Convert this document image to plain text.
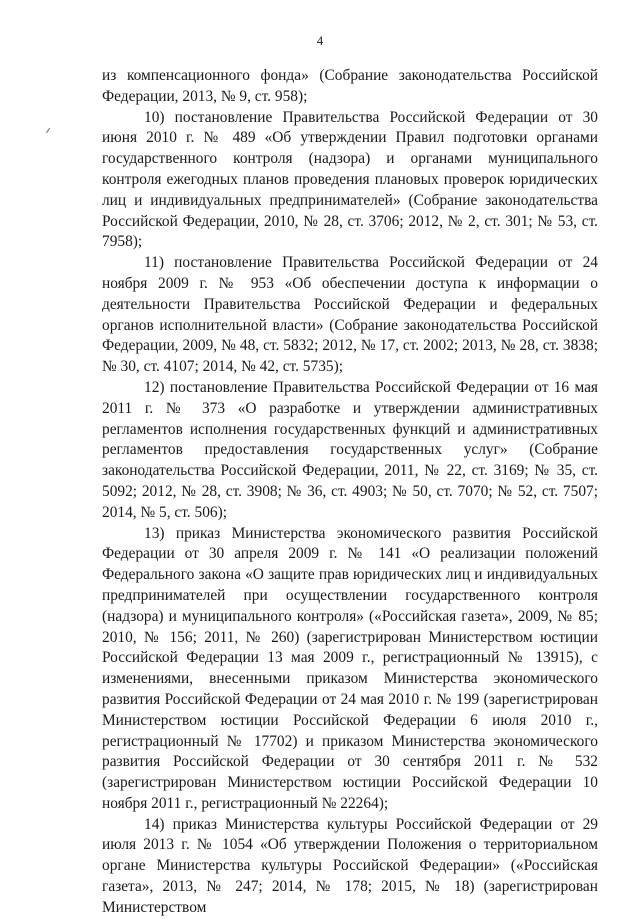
4

из компенсационного фонда» (Собрание законодательства Российской Федерации, 2013, № 9, ст. 958);

10) постановление Правительства Российской Федерации от 30 июня 2010 г. № 489 «Об утверждении Правил подготовки органами государственного контроля (надзора) и органами муниципального контроля ежегодных планов проведения плановых проверок юридических лиц и индивидуальных предпринимателей» (Собрание законодательства Российской Федерации, 2010, № 28, ст. 3706; 2012, № 2, ст. 301; № 53, ст. 7958);

11) постановление Правительства Российской Федерации от 24 ноября 2009 г. № 953 «Об обеспечении доступа к информации о деятельности Правительства Российской Федерации и федеральных органов исполнительной власти» (Собрание законодательства Российской Федерации, 2009, № 48, ст. 5832; 2012, № 17, ст. 2002; 2013, № 28, ст. 3838; № 30, ст. 4107; 2014, № 42, ст. 5735);

12) постановление Правительства Российской Федерации от 16 мая 2011 г. № 373 «О разработке и утверждении административных регламентов исполнения государственных функций и административных регламентов предоставления государственных услуг» (Собрание законодательства Российской Федерации, 2011, № 22, ст. 3169; № 35, ст. 5092; 2012, № 28, ст. 3908; № 36, ст. 4903; № 50, ст. 7070; № 52, ст. 7507; 2014, № 5, ст. 506);

13) приказ Министерства экономического развития Российской Федерации от 30 апреля 2009 г. № 141 «О реализации положений Федерального закона «О защите прав юридических лиц и индивидуальных предпринимателей при осуществлении государственного контроля (надзора) и муниципального контроля» («Российская газета», 2009, № 85; 2010, № 156; 2011, № 260) (зарегистрирован Министерством юстиции Российской Федерации 13 мая 2009 г., регистрационный № 13915), с изменениями, внесенными приказом Министерства экономического развития Российской Федерации от 24 мая 2010 г. № 199 (зарегистрирован Министерством юстиции Российской Федерации 6 июля 2010 г., регистрационный № 17702) и приказом Министерства экономического развития Российской Федерации от 30 сентября 2011 г. № 532 (зарегистрирован Министерством юстиции Российской Федерации 10 ноября 2011 г., регистрационный № 22264);

14) приказ Министерства культуры Российской Федерации от 29 июля 2013 г. № 1054 «Об утверждении Положения о территориальном органе Министерства культуры Российской Федерации» («Российская газета», 2013, № 247; 2014, № 178; 2015, № 18) (зарегистрирован Министерством
